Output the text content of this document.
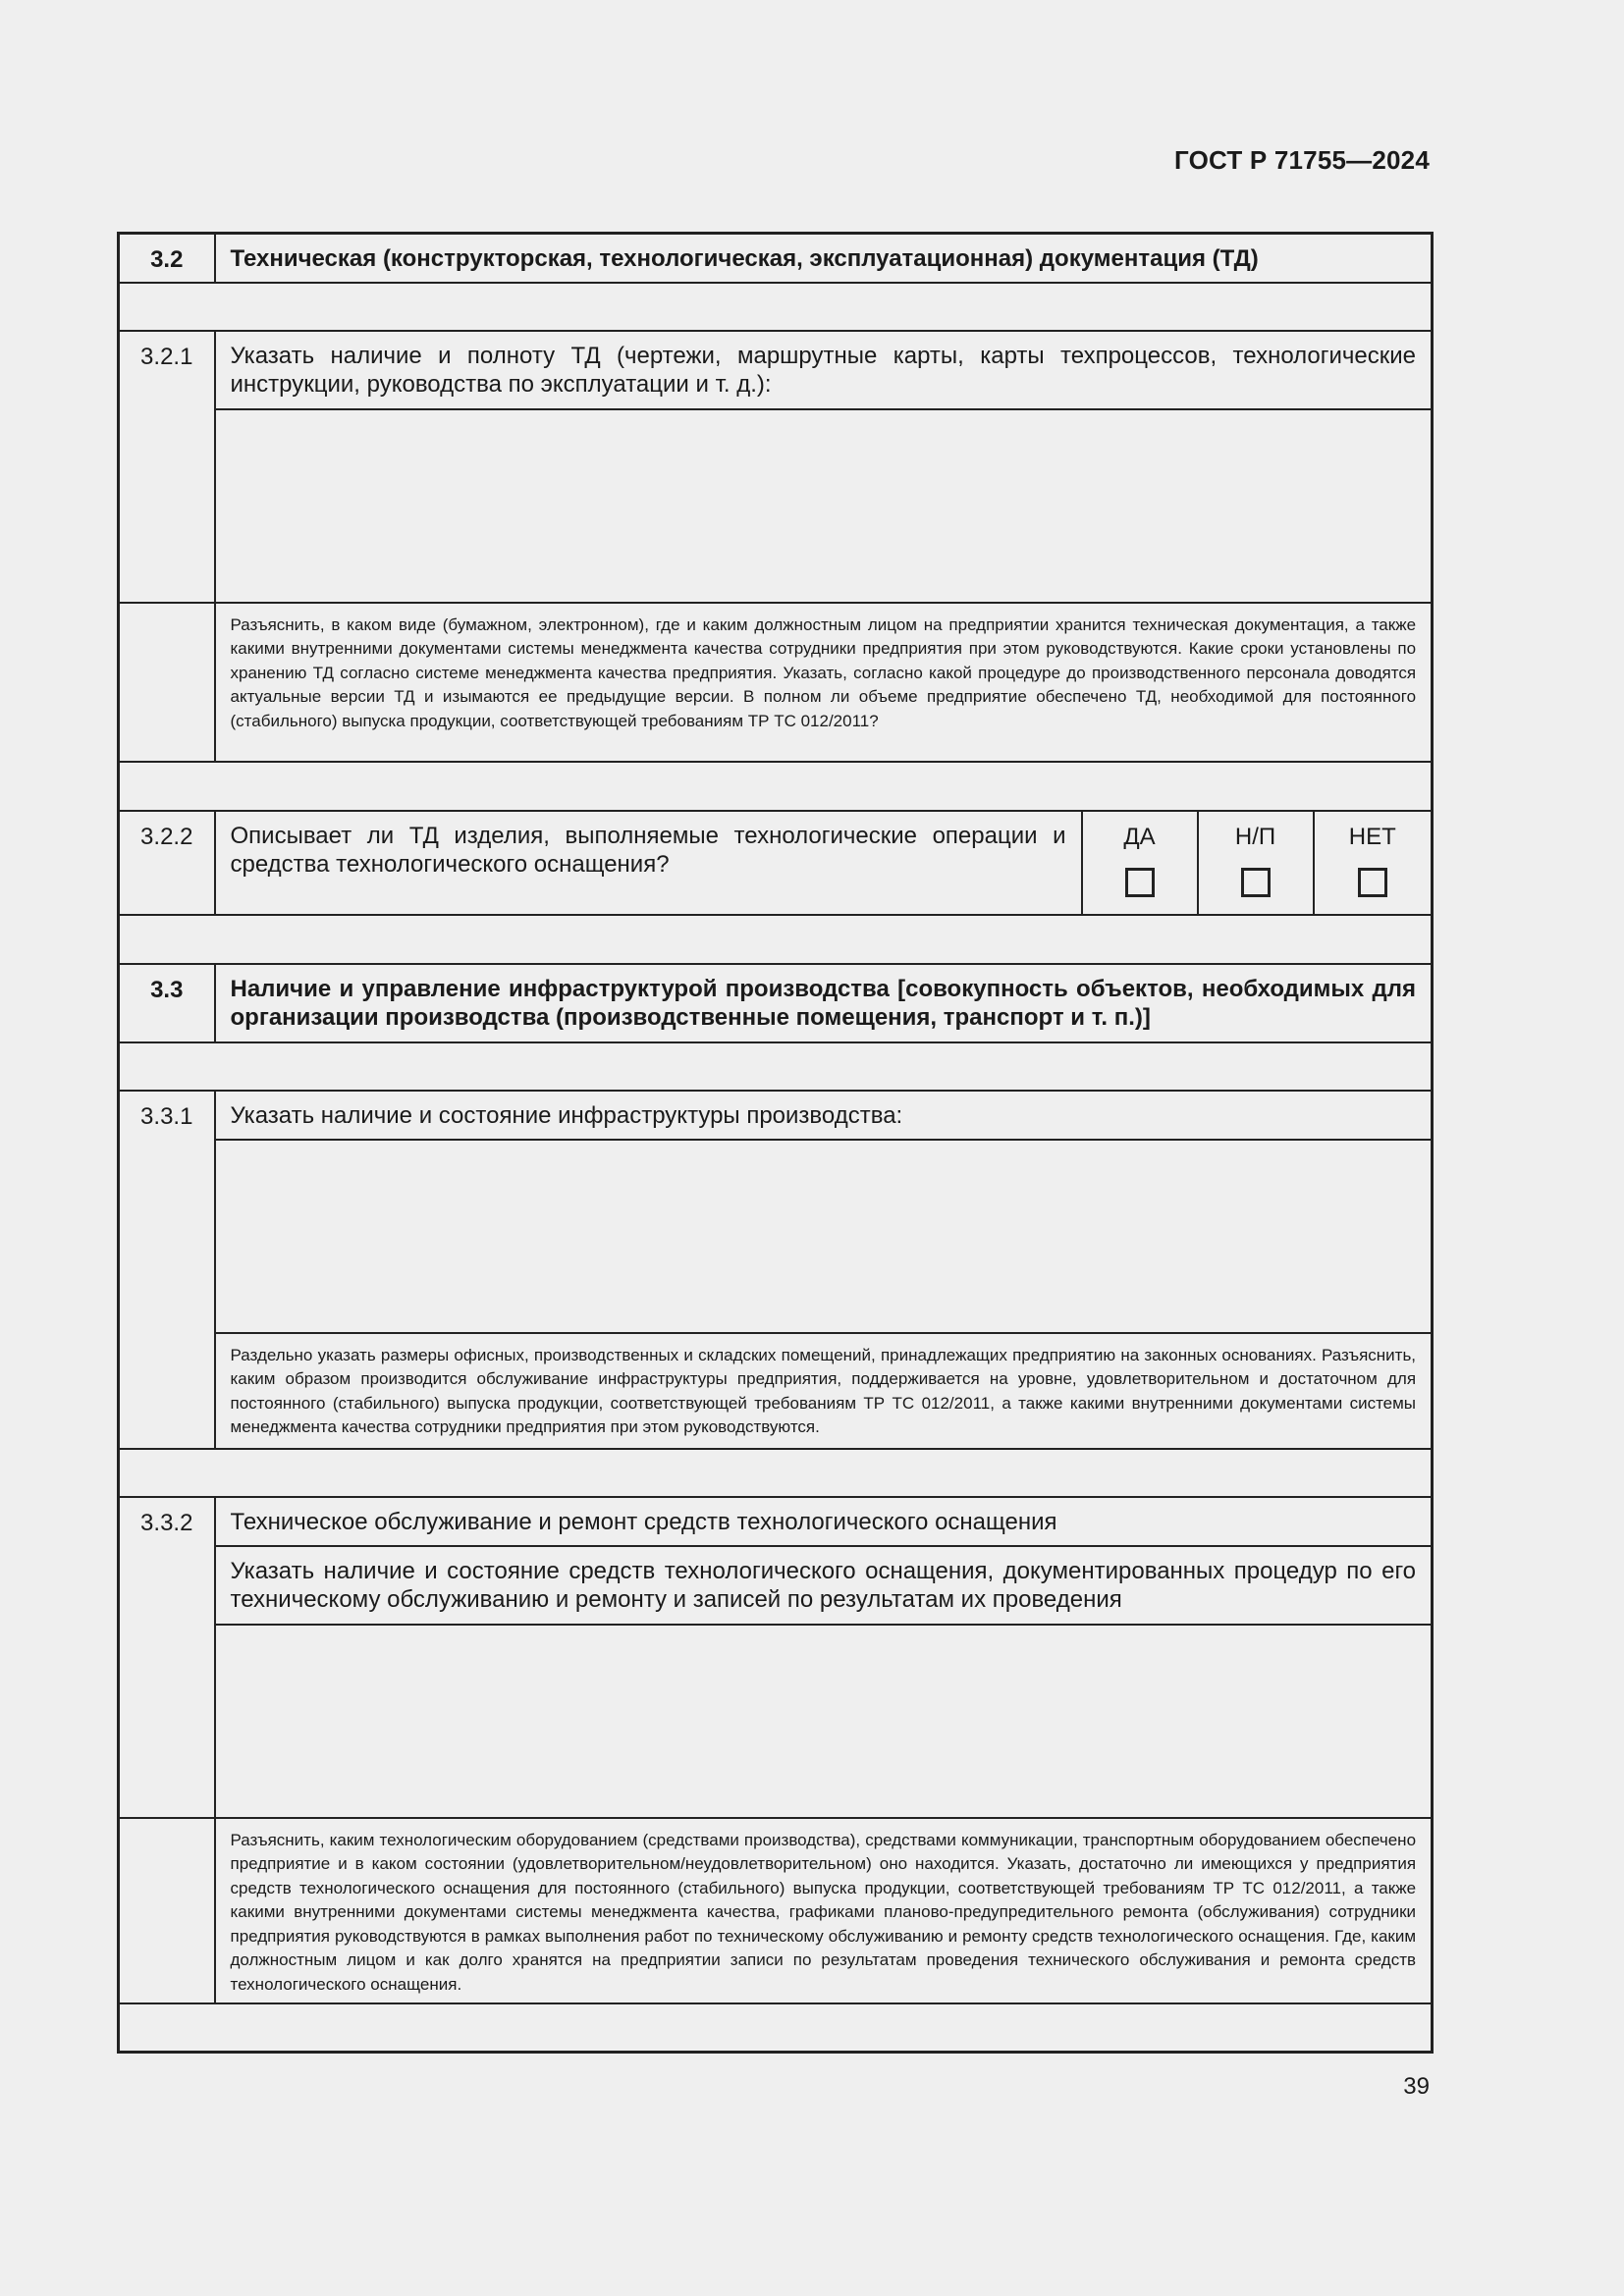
ГОСТ Р 71755—2024
3.2	Техническая (конструкторская, технологическая, эксплуатационная) документация (ТД)			

3.2.1	Указать наличие и полноту ТД (чертежи, маршрутные карты, карты техпроцессов, технологические инструкции, руководства по эксплуатации и т. д.):			

	Разъяснить, в каком виде (бумажном, электронном), где и каким должностным лицом на предприятии хранится техническая документация, а также какими внутренними документами системы менеджмента качества сотрудники предприятия при этом руководствуются. Какие сроки установлены по хранению ТД согласно системе менеджмента качества предприятия. Указать, согласно какой процедуре до производственного персонала доводятся актуальные версии ТД и изымаются ее предыдущие версии. В полном ли объеме предприятие обеспечено ТД, необходимой для постоянного (стабильного) выпуска продукции, соответствующей требованиям ТР ТС 012/2011?			

3.2.2	Описывает ли ТД изделия, выполняемые технологические операции и средства технологического оснащения?	ДА	Н/П	НЕТ

3.3	Наличие и управление инфраструктурой производства [совокупность объектов, необходимых для организации производства (производственные помещения, транспорт и т. п.)]			

3.3.1	Указать наличие и состояние инфраструктуры производства:			

	Раздельно указать размеры офисных, производственных и складских помещений, принадлежащих предприятию на законных основаниях. Разъяснить, каким образом производится обслуживание инфраструктуры предприятия, поддерживается на уровне, удовлетворительном и достаточном для постоянного (стабильного) выпуска продукции, соответствующей требованиям ТР ТС 012/2011, а также какими внутренними документами системы менеджмента качества сотрудники предприятия при этом руководствуются.			

3.3.2	Техническое обслуживание и ремонт средств технологического оснащения			
	Указать наличие и состояние средств технологического оснащения, документированных процедур по его техническому обслуживанию и ремонту и записей по результатам их проведения			

	Разъяснить, каким технологическим оборудованием (средствами производства), средствами коммуникации, транспортным оборудованием обеспечено предприятие и в каком состоянии (удовлетворительном/неудовлетворительном) оно находится. Указать, достаточно ли имеющихся у предприятия средств технологического оснащения для постоянного (стабильного) выпуска продукции, соответствующей требованиям ТР ТС 012/2011, а также какими внутренними документами системы менеджмента качества, графиками планово-предупредительного ремонта (обслуживания) сотрудники предприятия руководствуются в рамках выполнения работ по техническому обслуживанию и ремонту средств технологического оснащения. Где, каким должностным лицом и как долго хранятся на предприятии записи по результатам проведения технического обслуживания и ремонта средств технологического оснащения.			

39
